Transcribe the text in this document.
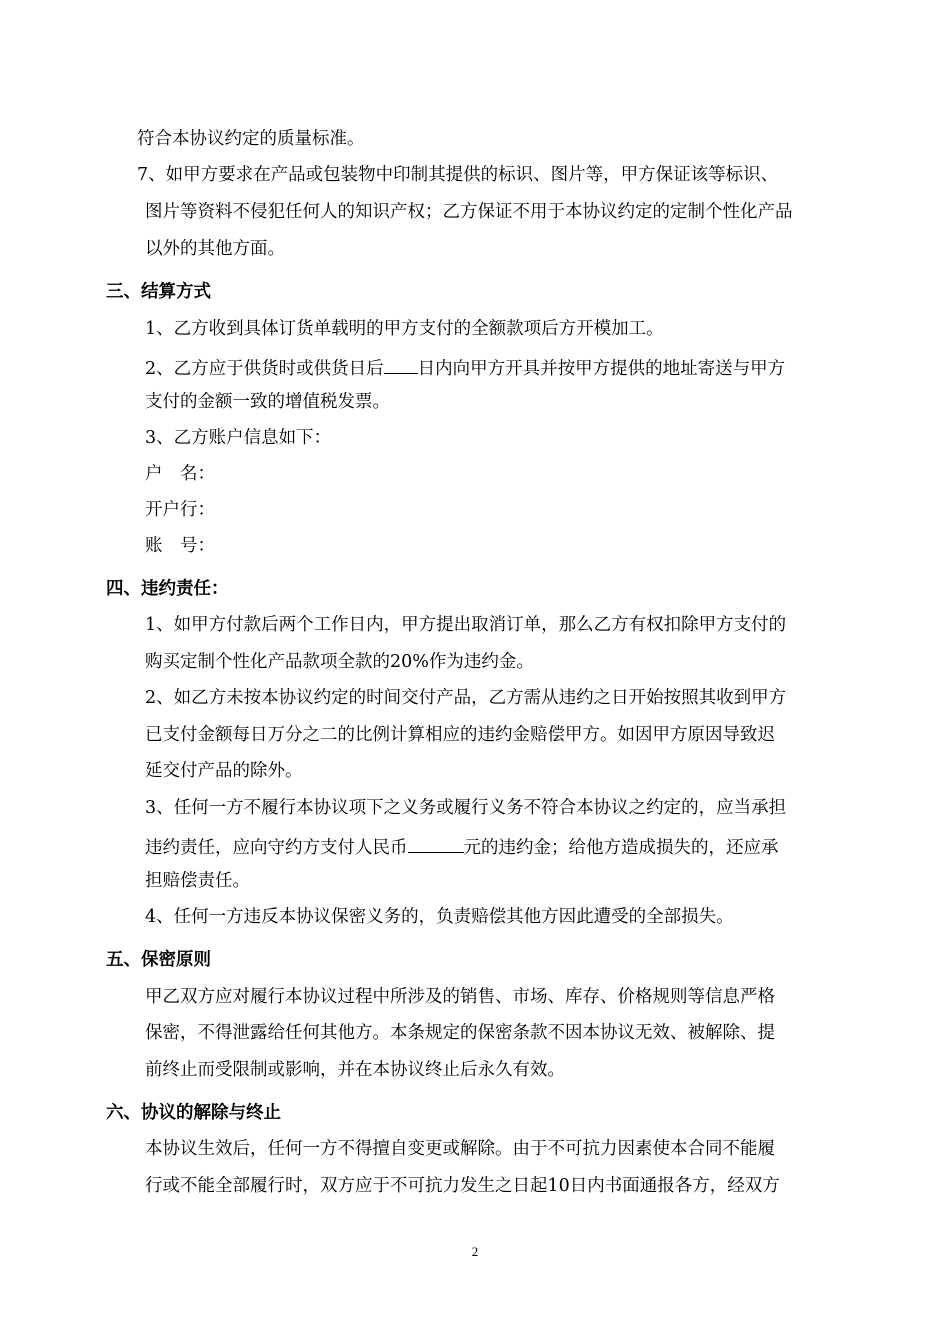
符合本协议约定的质量标准。
7、如甲方要求在产品或包装物中印制其提供的标识、图片等，甲方保证该等标识、
图片等资料不侵犯任何人的知识产权；乙方保证不用于本协议约定的定制个性化产品
以外的其他方面。
三、结算方式
1、乙方收到具体订货单载明的甲方支付的全额款项后方开模加工。
2、乙方应于供货时或供货日后 日内向甲方开具并按甲方提供的地址寄送与甲方
支付的金额一致的增值税发票。
3、乙方账户信息如下：
户　名：
开户行：
账　号：
四、违约责任：
1、如甲方付款后两个工作日内，甲方提出取消订单，那么乙方有权扣除甲方支付的
购买定制个性化产品款项全款的20%作为违约金。
2、如乙方未按本协议约定的时间交付产品，乙方需从违约之日开始按照其收到甲方
已支付金额每日万分之二的比例计算相应的违约金赔偿甲方。如因甲方原因导致迟
延交付产品的除外。
3、任何一方不履行本协议项下之义务或履行义务不符合本协议之约定的，应当承担
违约责任，应向守约方支付人民币	元的违约金；给他方造成损失的，还应承
担赔偿责任。
4、任何一方违反本协议保密义务的，负责赔偿其他方因此遭受的全部损失。
五、保密原则
甲乙双方应对履行本协议过程中所涉及的销售、市场、库存、价格规则等信息严格
保密，不得泄露给任何其他方。本条规定的保密条款不因本协议无效、被解除、提
前终止而受限制或影响，并在本协议终止后永久有效。
六、协议的解除与终止
本协议生效后，任何一方不得擅自变更或解除。由于不可抗力因素使本合同不能履
行或不能全部履行时，双方应于不可抗力发生之日起10日内书面通报各方，经双方
2
